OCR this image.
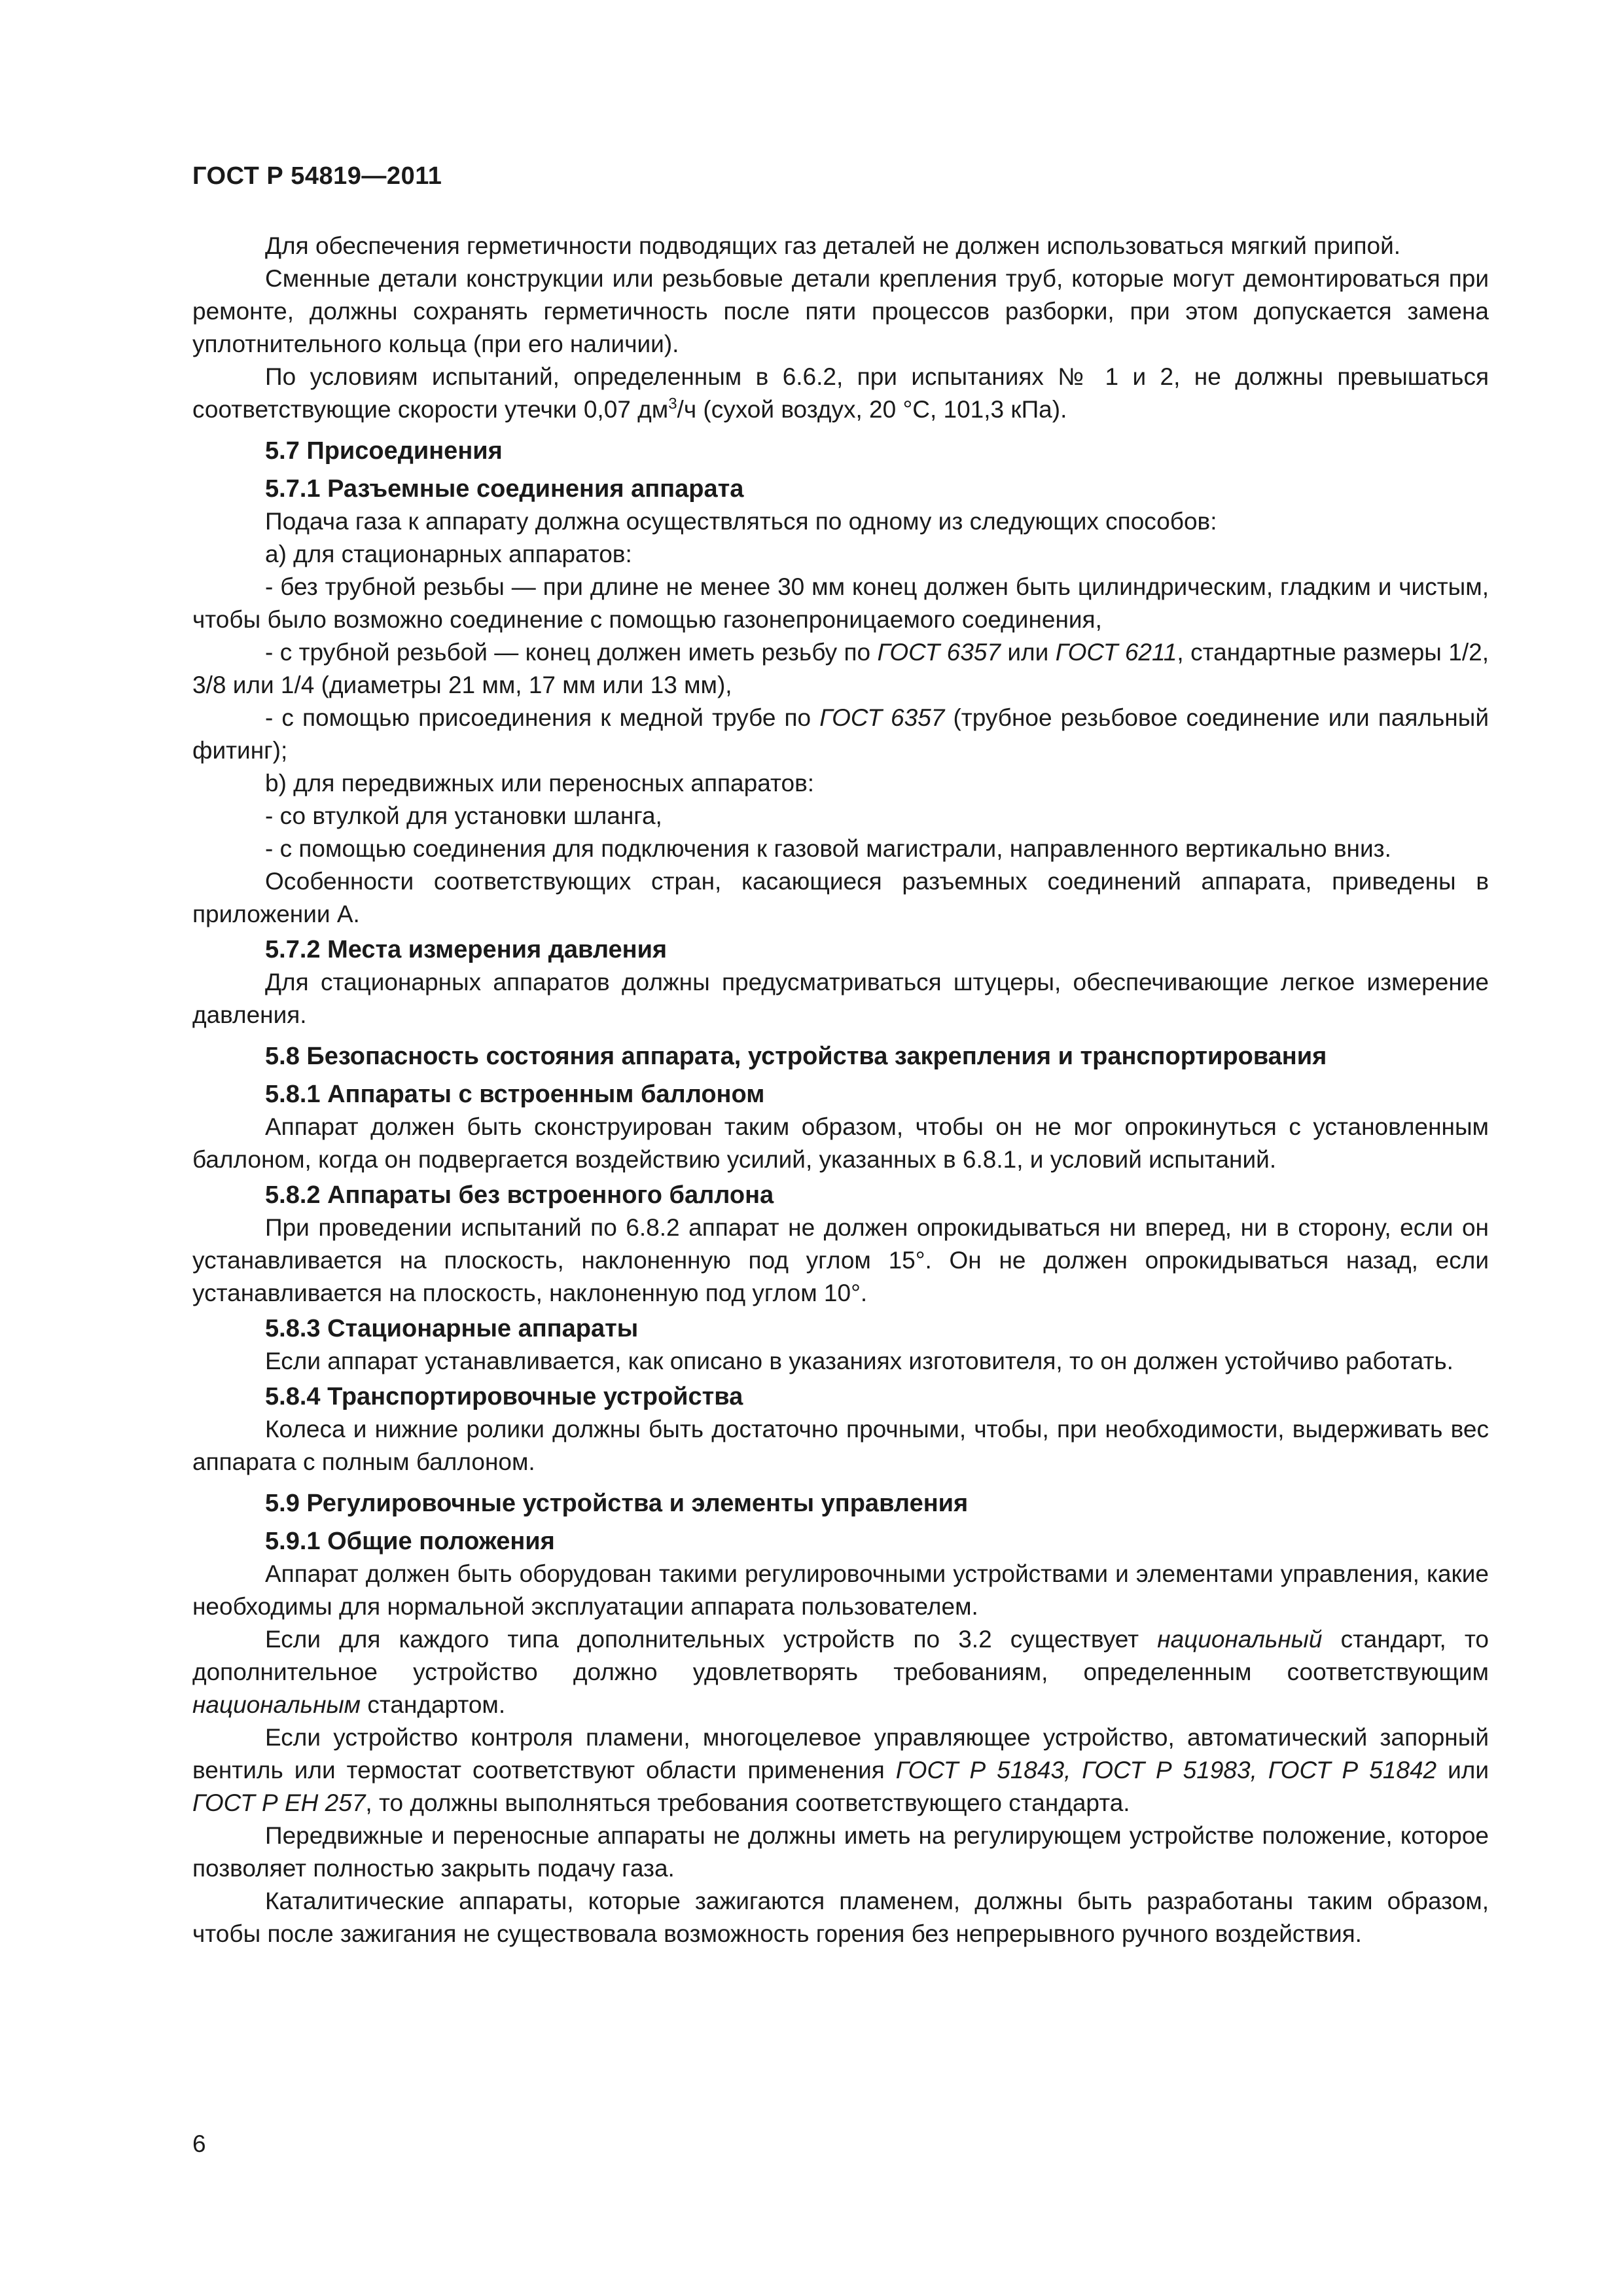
ГОСТ Р 54819—2011

Для обеспечения герметичности подводящих газ деталей не должен использоваться мягкий припой.

Сменные детали конструкции или резьбовые детали крепления труб, которые могут демонтироваться при ремонте, должны сохранять герметичность после пяти процессов разборки, при этом допускается замена уплотнительного кольца (при его наличии).

По условиям испытаний, определенным в 6.6.2, при испытаниях № 1 и 2, не должны превышаться соответствующие скорости утечки 0,07 $дм^3/ч$ (сухой воздух, 20 °С, 101,3 кПа).

5.7 Присоединения

5.7.1 Разъемные соединения аппарата

Подача газа к аппарату должна осуществляться по одному из следующих способов:

а) для стационарных аппаратов:

- без трубной резьбы — при длине не менее 30 мм конец должен быть цилиндрическим, гладким и чистым, чтобы было возможно соединение с помощью газонепроницаемого соединения,

- с трубной резьбой — конец должен иметь резьбу по ГОСТ 6357 или ГОСТ 6211, стандартные размеры 1/2, 3/8 или 1/4 (диаметры 21 мм, 17 мм или 13 мм),

- с помощью присоединения к медной трубе по ГОСТ 6357 (трубное резьбовое соединение или паяльный фитинг);

b) для передвижных или переносных аппаратов:

- со втулкой для установки шланга,

- с помощью соединения для подключения к газовой магистрали, направленного вертикально вниз.

Особенности соответствующих стран, касающиеся разъемных соединений аппарата, приведены в приложении А.

5.7.2 Места измерения давления

Для стационарных аппаратов должны предусматриваться штуцеры, обеспечивающие легкое измерение давления.

5.8 Безопасность состояния аппарата, устройства закрепления и транспортирования

5.8.1 Аппараты с встроенным баллоном

Аппарат должен быть сконструирован таким образом, чтобы он не мог опрокинуться с установленным баллоном, когда он подвергается воздействию усилий, указанных в 6.8.1, и условий испытаний.

5.8.2 Аппараты без встроенного баллона

При проведении испытаний по 6.8.2 аппарат не должен опрокидываться ни вперед, ни в сторону, если он устанавливается на плоскость, наклоненную под углом 15°. Он не должен опрокидываться назад, если устанавливается на плоскость, наклоненную под углом 10°.

5.8.3 Стационарные аппараты

Если аппарат устанавливается, как описано в указаниях изготовителя, то он должен устойчиво работать.

5.8.4 Транспортировочные устройства

Колеса и нижние ролики должны быть достаточно прочными, чтобы, при необходимости, выдерживать вес аппарата с полным баллоном.

5.9 Регулировочные устройства и элементы управления

5.9.1 Общие положения

Аппарат должен быть оборудован такими регулировочными устройствами и элементами управления, какие необходимы для нормальной эксплуатации аппарата пользователем.

Если для каждого типа дополнительных устройств по 3.2 существует национальный стандарт, то дополнительное устройство должно удовлетворять требованиям, определенным соответствующим национальным стандартом.

Если устройство контроля пламени, многоцелевое управляющее устройство, автоматический запорный вентиль или термостат соответствуют области применения ГОСТ Р 51843, ГОСТ Р 51983, ГОСТ Р 51842 или ГОСТ Р ЕН 257, то должны выполняться требования соответствующего стандарта.

Передвижные и переносные аппараты не должны иметь на регулирующем устройстве положение, которое позволяет полностью закрыть подачу газа.

Каталитические аппараты, которые зажигаются пламенем, должны быть разработаны таким образом, чтобы после зажигания не существовала возможность горения без непрерывного ручного воздействия.

6
